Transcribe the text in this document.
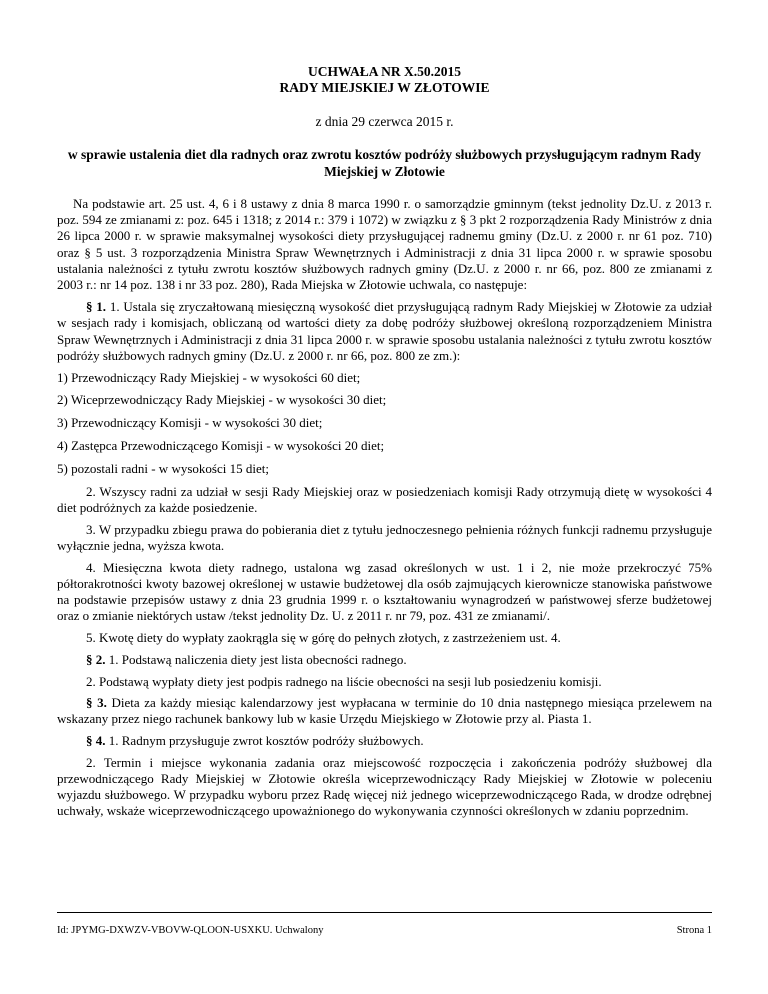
UCHWAŁA NR X.50.2015

RADY MIEJSKIEJ W ZŁOTOWIE

z dnia 29 czerwca 2015 r.
w sprawie ustalenia diet dla radnych oraz zwrotu kosztów podróży służbowych przysługującym radnym Rady Miejskiej w Złotowie

Na podstawie art. 25 ust. 4, 6 i 8 ustawy z dnia 8 marca 1990 r. o samorządzie gminnym (tekst jednolity Dz.U. z 2013 r. poz. 594 ze zmianami z: poz. 645 i 1318; z 2014 r.: 379 i 1072) w związku z § 3 pkt 2 rozporządzenia Rady Ministrów z dnia 26 lipca 2000 r. w sprawie maksymalnej wysokości diety przysługującej radnemu gminy (Dz.U. z 2000 r. nr 61 poz. 710) oraz § 5 ust. 3 rozporządzenia Ministra Spraw Wewnętrznych i Administracji z dnia 31 lipca 2000 r. w sprawie sposobu ustalania należności z tytułu zwrotu kosztów służbowych radnych gminy (Dz.U. z 2000 r. nr 66, poz. 800 ze zmianami z 2003 r.: nr 14 poz. 138 i nr 33 poz. 280), Rada Miejska w Złotowie uchwala, co następuje:

§ 1. 1. Ustala się zryczałtowaną miesięczną wysokość diet przysługującą radnym Rady Miejskiej w Złotowie za udział w sesjach rady i komisjach, obliczaną od wartości diety za dobę podróży służbowej określoną rozporządzeniem Ministra Spraw Wewnętrznych i Administracji z dnia 31 lipca 2000 r. w sprawie sposobu ustalania należności z tytułu zwrotu kosztów podróży służbowych radnych gminy (Dz.U. z 2000 r. nr 66, poz. 800 ze zm.):

1) Przewodniczący Rady Miejskiej - w wysokości 60 diet;

2) Wiceprzewodniczący Rady Miejskiej - w wysokości 30 diet;

3) Przewodniczący Komisji - w wysokości 30 diet;

4) Zastępca Przewodniczącego Komisji - w wysokości 20 diet;

5) pozostali radni - w wysokości 15 diet;

2. Wszyscy radni za udział w sesji Rady Miejskiej oraz w posiedzeniach komisji Rady otrzymują dietę w wysokości 4 diet podróżnych za każde posiedzenie.

3. W przypadku zbiegu prawa do pobierania diet z tytułu jednoczesnego pełnienia różnych funkcji radnemu przysługuje wyłącznie jedna, wyższa kwota.

4. Miesięczna kwota diety radnego, ustalona wg zasad określonych w ust. 1 i 2, nie może przekroczyć 75% półtorakrotności kwoty bazowej określonej w ustawie budżetowej dla osób zajmujących kierownicze stanowiska państwowe na podstawie przepisów ustawy z dnia 23 grudnia 1999 r. o kształtowaniu wynagrodzeń w państwowej sferze budżetowej oraz o zmianie niektórych ustaw /tekst jednolity Dz. U. z 2011 r. nr 79, poz. 431 ze zmianami/.

5. Kwotę diety do wypłaty zaokrągla się w górę do pełnych złotych, z zastrzeżeniem ust. 4.

§ 2. 1. Podstawą naliczenia diety jest lista obecności radnego.

2. Podstawą wypłaty diety jest podpis radnego na liście obecności na sesji lub posiedzeniu komisji.

§ 3. Dieta za każdy miesiąc kalendarzowy jest wypłacana w terminie do 10 dnia następnego miesiąca przelewem na wskazany przez niego rachunek bankowy lub w kasie Urzędu Miejskiego w Złotowie przy al. Piasta 1.

§ 4. 1. Radnym przysługuje zwrot kosztów podróży służbowych.

2. Termin i miejsce wykonania zadania oraz miejscowość rozpoczęcia i zakończenia podróży służbowej dla przewodniczącego Rady Miejskiej w Złotowie określa wiceprzewodniczący Rady Miejskiej w Złotowie w poleceniu wyjazdu służbowego. W przypadku wyboru przez Radę więcej niż jednego wiceprzewodniczącego Rada, w drodze odrębnej uchwały, wskaże wiceprzewodniczącego upoważnionego do wykonywania czynności określonych w zdaniu poprzednim.

Id: JPYMG-DXWZV-VBOVW-QLOON-USXKU. Uchwalony	Strona 1
